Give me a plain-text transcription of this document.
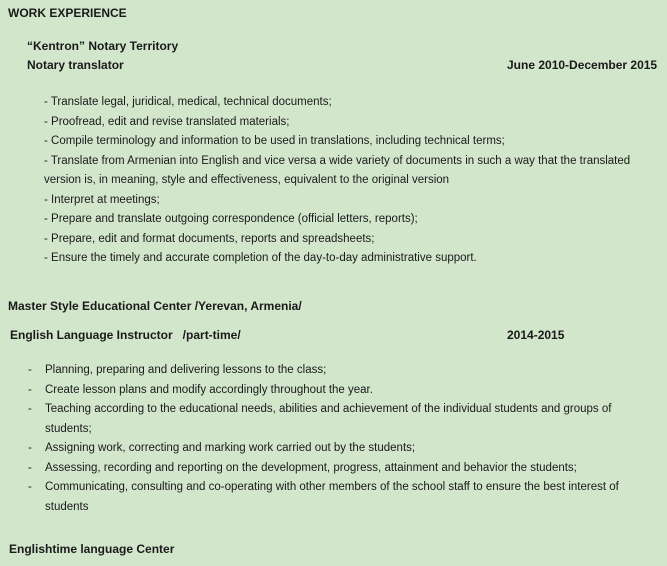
WORK EXPERIENCE
“Kentron” Notary Territory
Notary translator	June 2010-December 2015
- Translate legal, juridical, medical, technical documents;
- Proofread, edit and revise translated materials;
- Compile terminology and information to be used in translations, including technical terms;
- Translate from Armenian into English and vice versa a wide variety of documents in such a way that the translated  version is, in meaning, style and effectiveness, equivalent to the original version
- Interpret at meetings;
- Prepare and translate outgoing correspondence (official letters, reports);
- Prepare, edit and format documents, reports and spreadsheets;
- Ensure the timely and accurate completion of the day-to-day administrative support.
Master Style Educational Center /Yerevan, Armenia/
English Language Instructor   /part-time/	2014-2015
-	Planning, preparing and delivering lessons to the class;
-	Create lesson plans and modify accordingly throughout the year.
-	Teaching according to the educational needs, abilities and achievement of the individual students and groups of students;
-	Assigning work, correcting and marking work carried out by the students;
-	Assessing, recording and reporting on the development, progress, attainment and behavior the students;
-	Communicating, consulting and co-operating with other members of the school staff to ensure the best interest of students
Englishtime language Center
